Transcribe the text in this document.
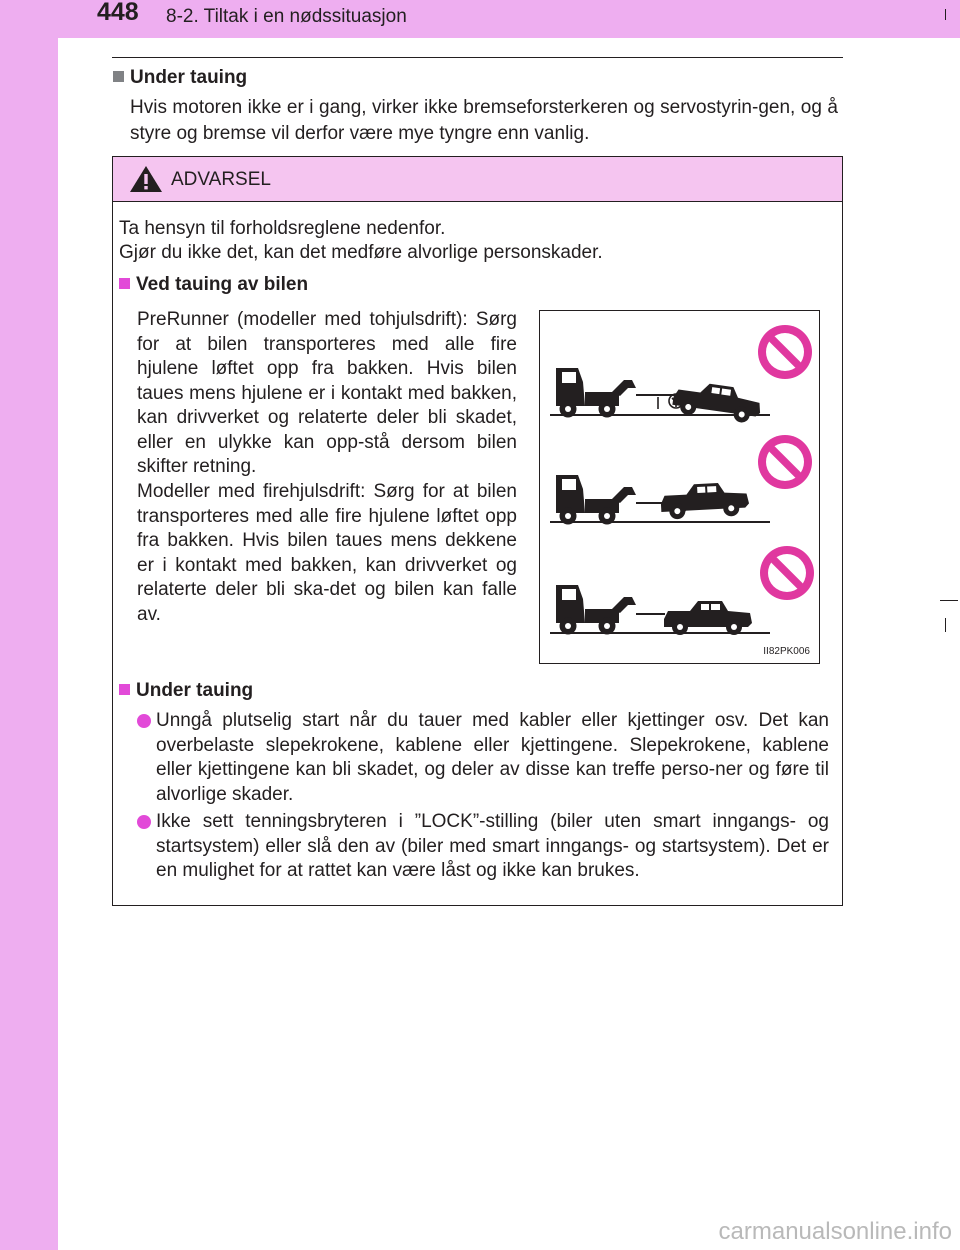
448 8-2. Tiltak i en nødssituasjon
Under tauing
Hvis motoren ikke er i gang, virker ikke bremseforsterkeren og servostyrin-gen, og å styre og bremse vil derfor være mye tyngre enn vanlig.
ADVARSEL
Ta hensyn til forholdsreglene nedenfor.
Gjør du ikke det, kan det medføre alvorlige personskader.
Ved tauing av bilen
PreRunner (modeller med tohjulsdrift): Sørg for at bilen transporteres med alle fire hjulene løftet opp fra bakken. Hvis bilen taues mens hjulene er i kontakt med bakken, kan drivverket og relaterte deler bli skadet, eller en ulykke kan opp-stå dersom bilen skifter retning.
Modeller med firehjulsdrift: Sørg for at bilen transporteres med alle fire hjulene løftet opp fra bakken. Hvis bilen taues mens dekkene er i kontakt med bakken, kan drivverket og relaterte deler bli ska-det og bilen kan falle av.
II82PK006
Under tauing
Unngå plutselig start når du tauer med kabler eller kjettinger osv. Det kan overbelaste slepekrokene, kablene eller kjettingene. Slepekrokene, kablene eller kjettingene kan bli skadet, og deler av disse kan treffe perso-ner og føre til alvorlige skader.
Ikke sett tenningsbryteren i ”LOCK”-stilling (biler uten smart inngangs- og startsystem) eller slå den av (biler med smart inngangs- og startsystem). Det er en mulighet for at rattet kan være låst og ikke kan brukes.
carmanualsonline.info
